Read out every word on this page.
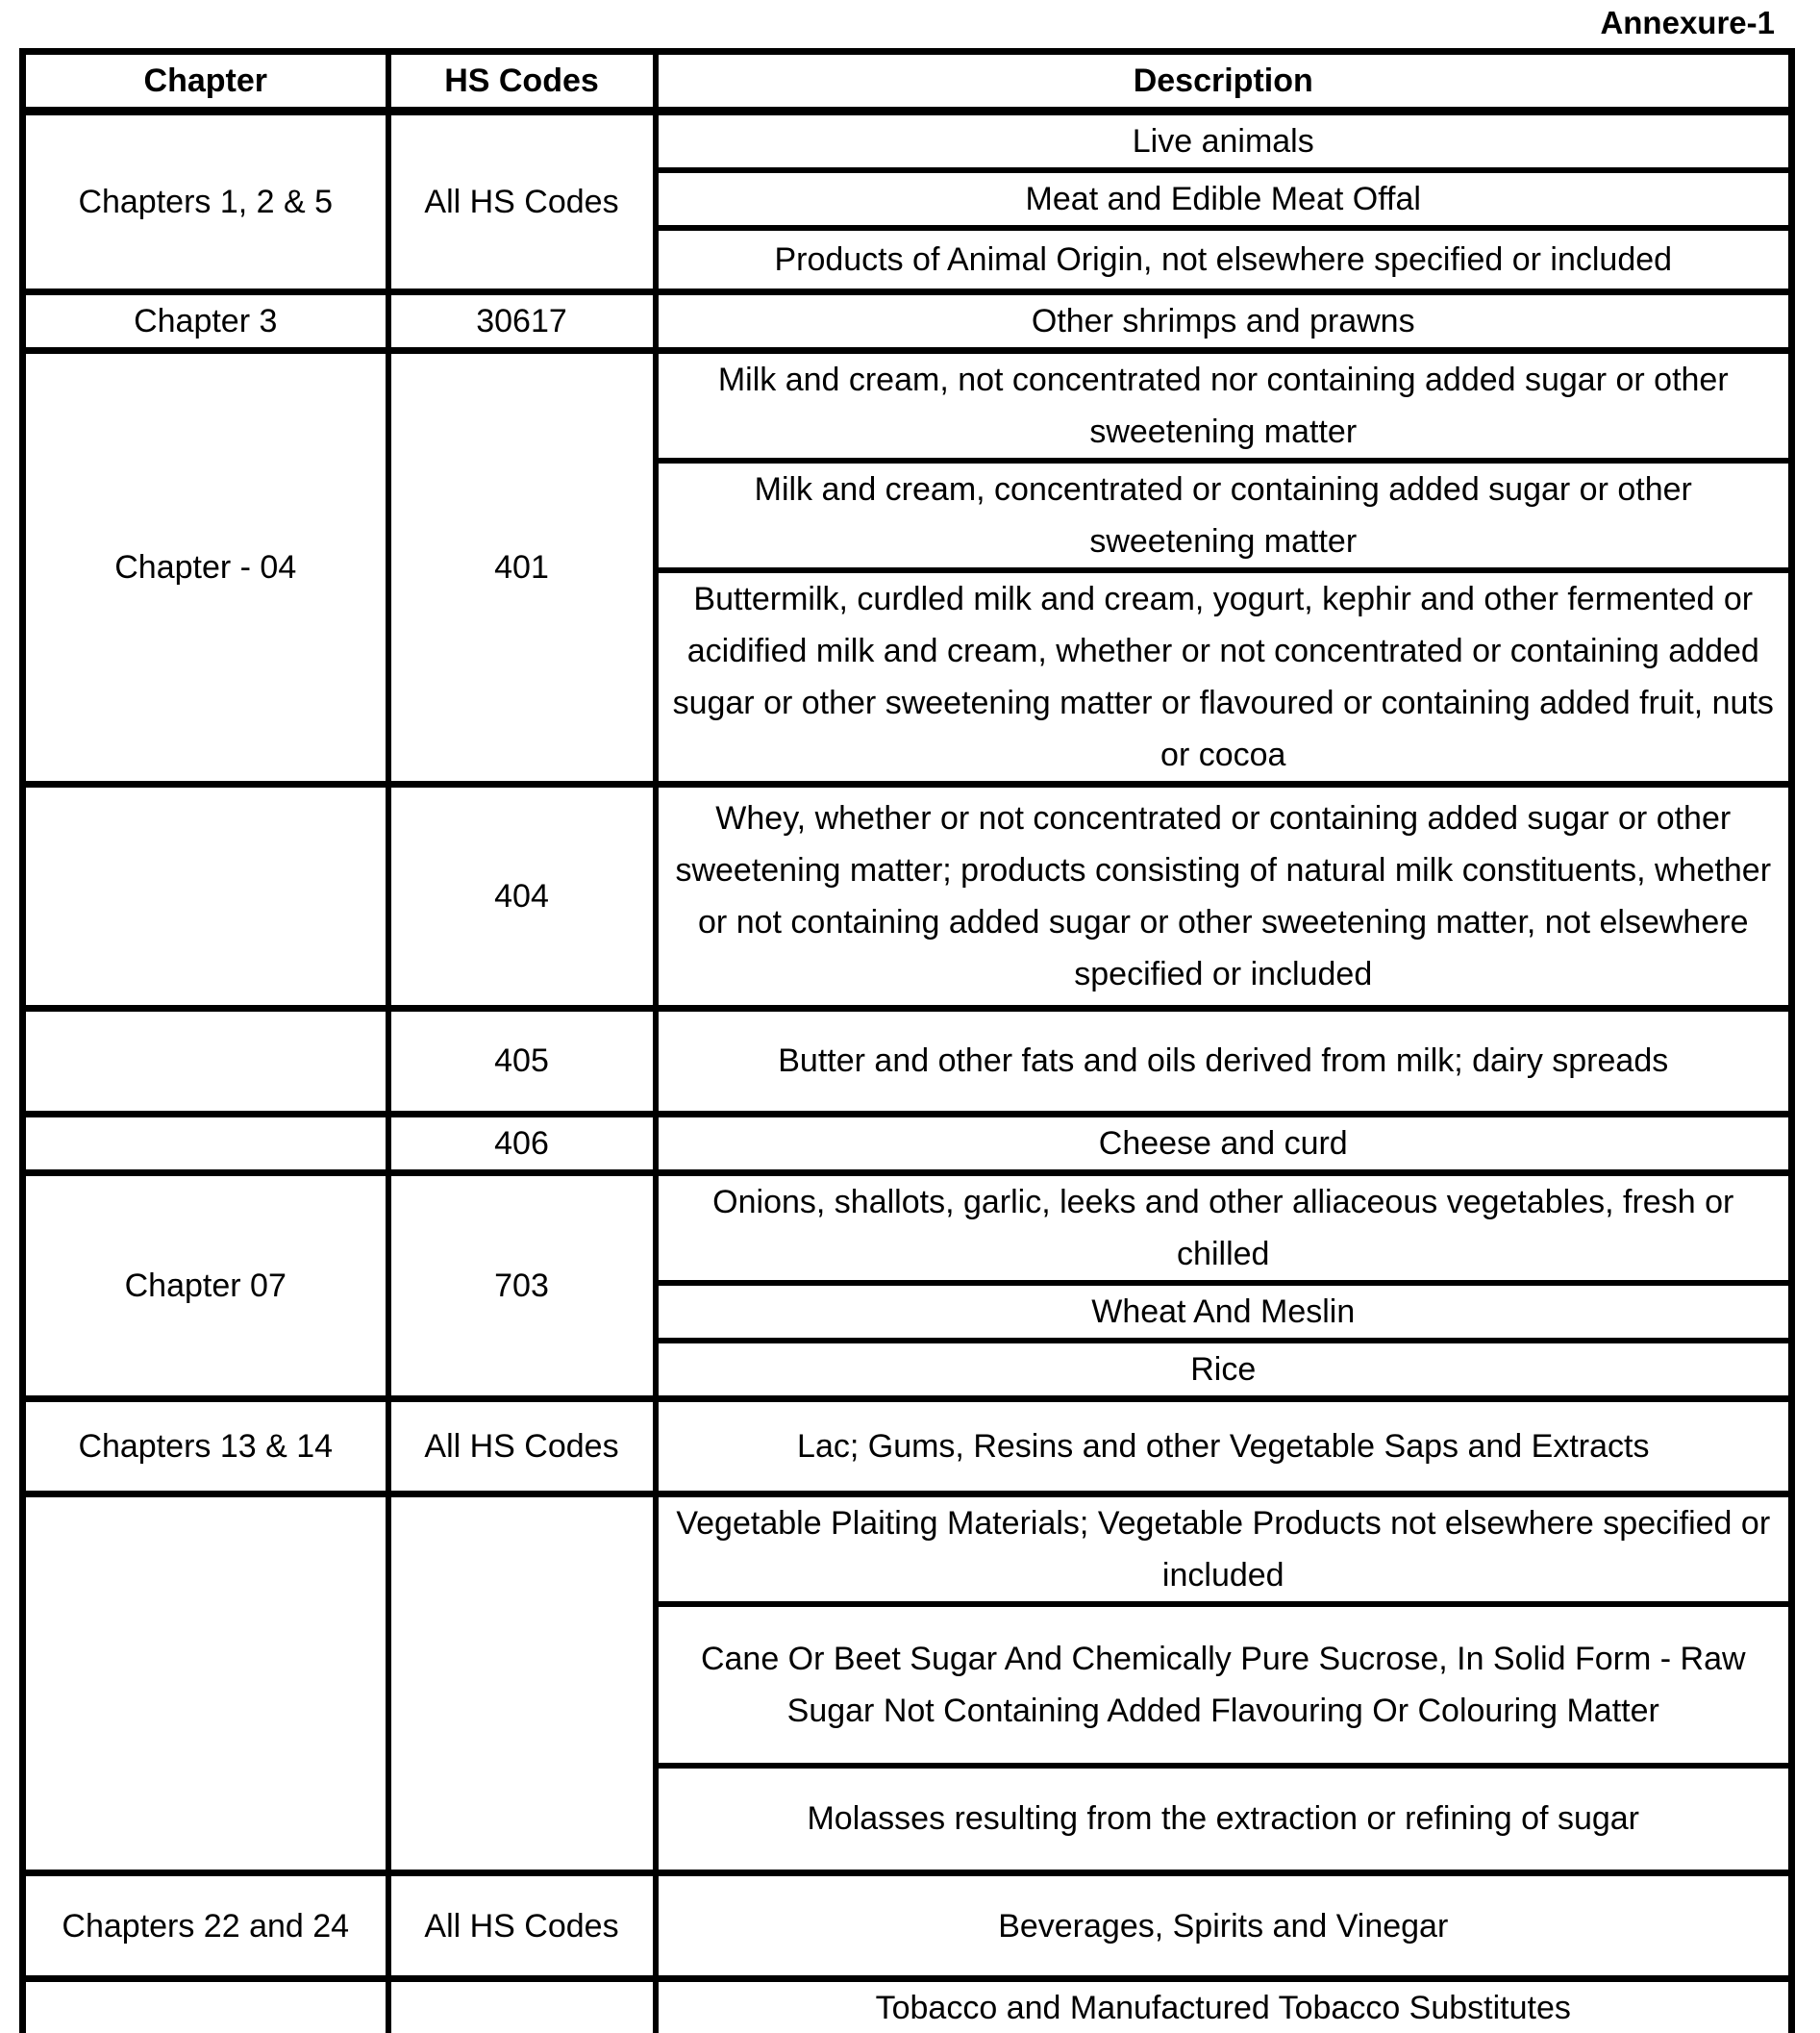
Annexure-1
Chapter	HS Codes	Description
Chapters 1, 2 & 5	All HS Codes	Live animals
		Meat and Edible Meat Offal
		Products of Animal Origin, not elsewhere specified or included
Chapter 3	30617	Other shrimps and prawns
Chapter - 04	401	Milk and cream, not concentrated nor containing added sugar or other sweetening matter
		Milk and cream, concentrated or containing added sugar or other sweetening matter
		Buttermilk, curdled milk and cream, yogurt, kephir and other fermented or acidified milk and cream, whether or not concentrated or containing added sugar or other sweetening matter or flavoured or containing added fruit, nuts or cocoa
	404	Whey, whether or not concentrated or containing added sugar or other sweetening matter; products consisting of natural milk constituents, whether or not containing added sugar or other sweetening matter, not elsewhere specified or included
	405	Butter and other fats and oils derived from milk; dairy spreads
	406	Cheese and curd
Chapter 07	703	Onions, shallots, garlic, leeks and other alliaceous vegetables, fresh or chilled
		Wheat And Meslin
		Rice
Chapters 13 & 14	All HS Codes	Lac; Gums, Resins and other Vegetable Saps and Extracts
		Vegetable Plaiting Materials; Vegetable Products not elsewhere specified or included
		Cane Or Beet Sugar And Chemically Pure Sucrose, In Solid Form - Raw Sugar Not Containing Added Flavouring Or Colouring Matter
		Molasses resulting from the extraction or refining of sugar
Chapters 22 and 24	All HS Codes	Beverages, Spirits and Vinegar
		Tobacco and Manufactured Tobacco Substitutes
